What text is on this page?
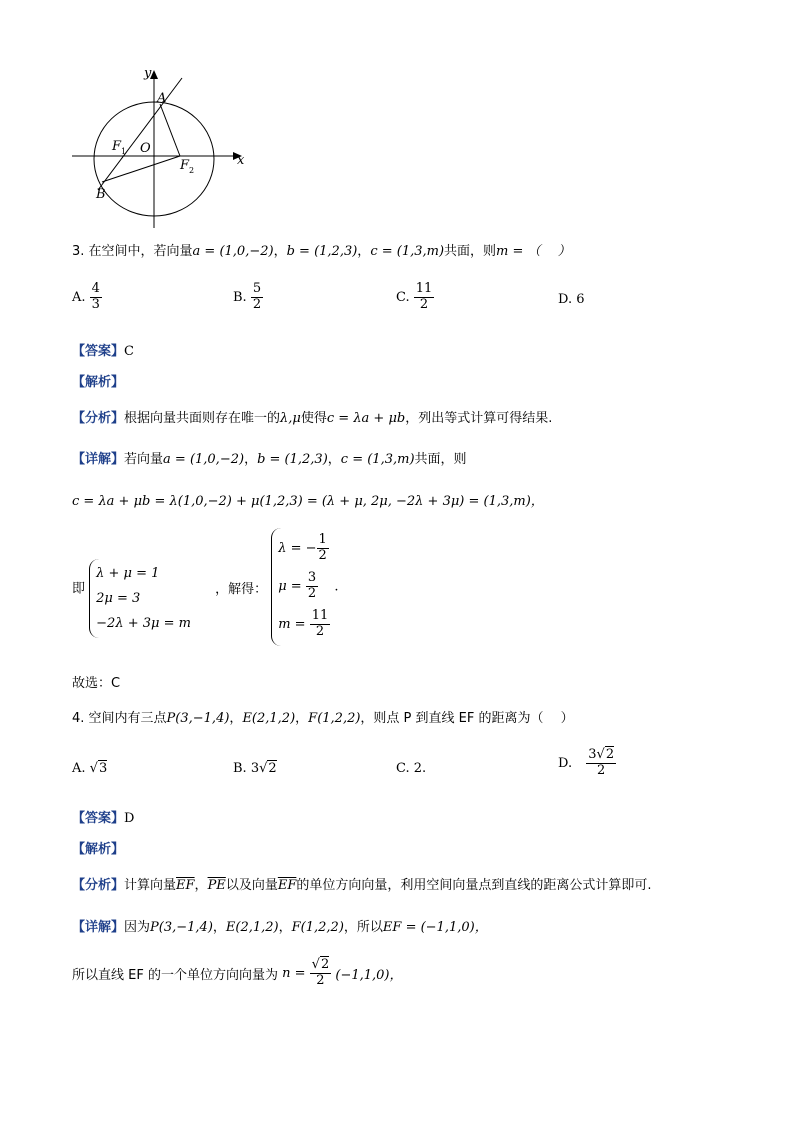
y
x
A
O
F 1
F 2
B
3. 在空间中，若向量a = (1,0,−2)，b = (1,2,3)，c = (1,3,m)共面，则m = （　 ）
A. $\frac{4}{3}$	B. $\frac{5}{2}$	C. $\frac{11}{2}$	D. 6
【答案】C
【解析】
【分析】根据向量共面则存在唯一的λ,μ使得c = λa + μb，列出等式计算可得结果.
【详解】若向量a = (1,0,−2)，b = (1,2,3)，c = (1,3,m)共面，则
c = λa + μb = λ(1,0,−2) + μ(1,2,3) = (λ + μ, 2μ, −2λ + 3μ) = (1,3,m)，
即
λ + μ = 1
2μ = 3
−2λ + 3μ = m
，解得：
λ = − $\frac{1}{2}$
$\mu = \frac{3}{2}$
$m = \frac{11}{2}$
.
故选：C
4. 空间内有三点P(3,−1,4)，E(2,1,2)，F(1,2,2)，则点 P 到直线 EF 的距离为（　 ）
A. √3	B. 3√2	C. 2.	D. $\frac{3√2}{2}$
【答案】D
【解析】
【分析】计算向量$\overline{EF}$，$\overline{PE}$以及向量$\overline{EF}$的单位方向向量，利用空间向量点到直线的距离公式计算即可.
【详解】因为P(3,−1,4)，E(2,1,2)，F(1,2,2)，所以EF = (−1,1,0)，
所以直线 EF 的一个单位方向向量为 $n = \frac{√2}{2} (-1,1,0)$，
